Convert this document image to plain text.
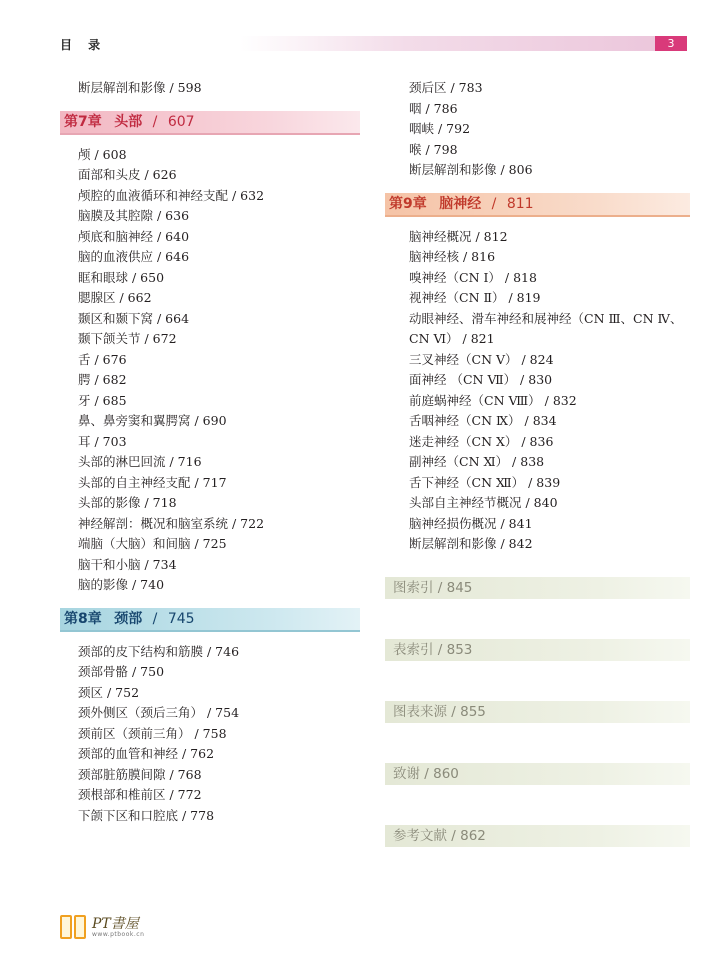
目 录	3
断层解剖和影像 / 598
第7章 头部 / 607
颅 / 608
面部和头皮 / 626
颅腔的血液循环和神经支配 / 632
脑膜及其腔隙 / 636
颅底和脑神经 / 640
脑的血液供应 / 646
眶和眼球 / 650
腮腺区 / 662
颞区和颞下窝 / 664
颞下颌关节 / 672
舌 / 676
腭 / 682
牙 / 685
鼻、鼻旁窦和翼腭窝 / 690
耳 / 703
头部的淋巴回流 / 716
头部的自主神经支配 / 717
头部的影像 / 718
神经解剖：概况和脑室系统 / 722
端脑（大脑）和间脑 / 725
脑干和小脑 / 734
脑的影像 / 740
第8章 颈部 / 745
颈部的皮下结构和筋膜 / 746
颈部骨骼 / 750
颈区 / 752
颈外侧区（颈后三角） / 754
颈前区（颈前三角） / 758
颈部的血管和神经 / 762
颈部脏筋膜间隙 / 768
颈根部和椎前区 / 772
下颌下区和口腔底 / 778
颈后区 / 783
咽 / 786
咽峡 / 792
喉 / 798
断层解剖和影像 / 806
第9章 脑神经 / 811
脑神经概况 / 812
脑神经核 / 816
嗅神经（CN Ⅰ） / 818
视神经（CN Ⅱ） / 819
动眼神经、滑车神经和展神经（CN Ⅲ、CN Ⅳ、
CN Ⅵ） / 821
三叉神经（CN Ⅴ） / 824
面神经 （CN Ⅶ） / 830
前庭蜗神经（CN Ⅷ） / 832
舌咽神经（CN Ⅸ） / 834
迷走神经（CN Ⅹ） / 836
副神经（CN Ⅺ） / 838
舌下神经（CN Ⅻ） / 839
头部自主神经节概况 / 840
脑神经损伤概况 / 841
断层解剖和影像 / 842
图索引 / 845
表索引 / 853
图表来源 / 855
致谢 / 860
参考文献 / 862
PT書屋
www.ptbook.cn
